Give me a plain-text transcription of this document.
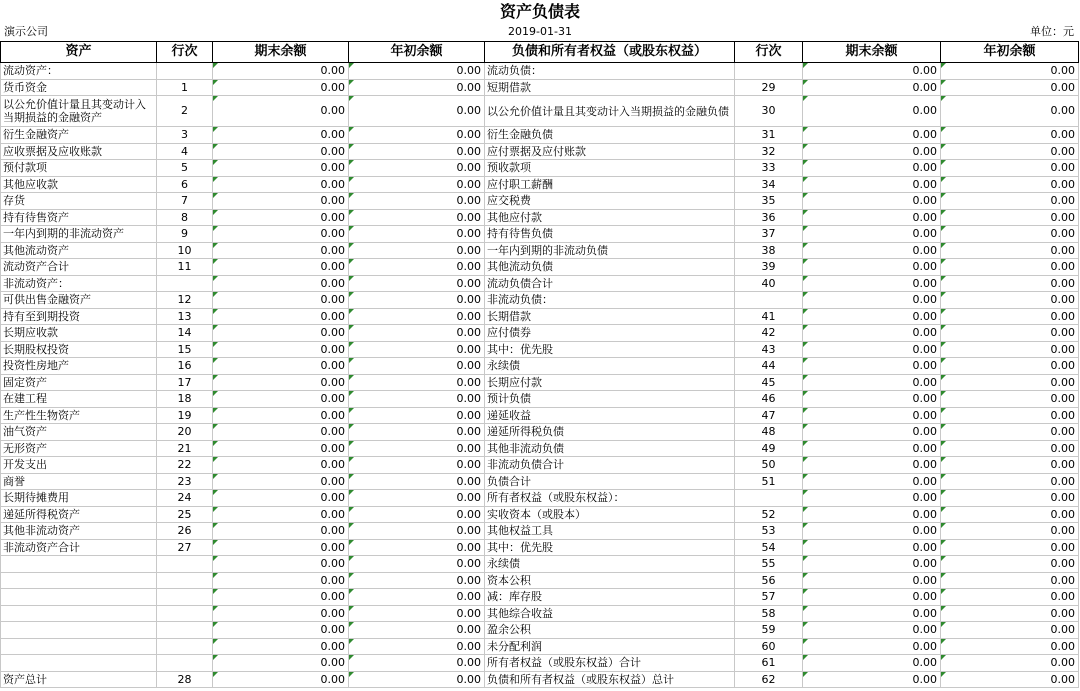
资产负债表
演示公司	2019-01-31	单位：元
资产	行次	期末余额	年初余额	负债和所有者权益（或股东权益）	行次	期末余额	年初余额
流动资产：		0.00	0.00	流动负债：		0.00	0.00
货币资金	1	0.00	0.00	短期借款	29	0.00	0.00
以公允价值计量且其变动计入当期损益的金融资产	2	0.00	0.00	以公允价值计量且其变动计入当期损益的金融负债	30	0.00	0.00
衍生金融资产	3	0.00	0.00	衍生金融负债	31	0.00	0.00
应收票据及应收账款	4	0.00	0.00	应付票据及应付账款	32	0.00	0.00
预付款项	5	0.00	0.00	预收款项	33	0.00	0.00
其他应收款	6	0.00	0.00	应付职工薪酬	34	0.00	0.00
存货	7	0.00	0.00	应交税费	35	0.00	0.00
持有待售资产	8	0.00	0.00	其他应付款	36	0.00	0.00
一年内到期的非流动资产	9	0.00	0.00	持有待售负债	37	0.00	0.00
其他流动资产	10	0.00	0.00	一年内到期的非流动负债	38	0.00	0.00
流动资产合计	11	0.00	0.00	其他流动负债	39	0.00	0.00
非流动资产：		0.00	0.00	流动负债合计	40	0.00	0.00
可供出售金融资产	12	0.00	0.00	非流动负债：		0.00	0.00
持有至到期投资	13	0.00	0.00	长期借款	41	0.00	0.00
长期应收款	14	0.00	0.00	应付债券	42	0.00	0.00
长期股权投资	15	0.00	0.00	其中：优先股	43	0.00	0.00
投资性房地产	16	0.00	0.00	永续债	44	0.00	0.00
固定资产	17	0.00	0.00	长期应付款	45	0.00	0.00
在建工程	18	0.00	0.00	预计负债	46	0.00	0.00
生产性生物资产	19	0.00	0.00	递延收益	47	0.00	0.00
油气资产	20	0.00	0.00	递延所得税负债	48	0.00	0.00
无形资产	21	0.00	0.00	其他非流动负债	49	0.00	0.00
开发支出	22	0.00	0.00	非流动负债合计	50	0.00	0.00
商誉	23	0.00	0.00	负债合计	51	0.00	0.00
长期待摊费用	24	0.00	0.00	所有者权益（或股东权益）：		0.00	0.00
递延所得税资产	25	0.00	0.00	实收资本（或股本）	52	0.00	0.00
其他非流动资产	26	0.00	0.00	其他权益工具	53	0.00	0.00
非流动资产合计	27	0.00	0.00	其中：优先股	54	0.00	0.00
		0.00	0.00	永续债	55	0.00	0.00
		0.00	0.00	资本公积	56	0.00	0.00
		0.00	0.00	减：库存股	57	0.00	0.00
		0.00	0.00	其他综合收益	58	0.00	0.00
		0.00	0.00	盈余公积	59	0.00	0.00
		0.00	0.00	未分配利润	60	0.00	0.00
		0.00	0.00	所有者权益（或股东权益）合计	61	0.00	0.00
资产总计	28	0.00	0.00	负债和所有者权益（或股东权益）总计	62	0.00	0.00
